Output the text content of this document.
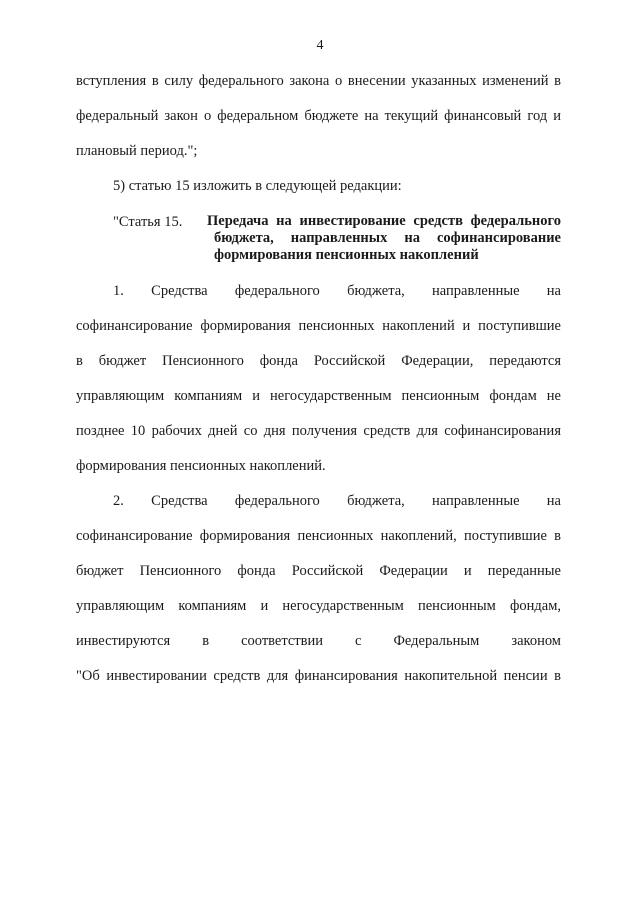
4
вступления в силу федерального закона о внесении указанных изменений в
федеральный закон о федеральном бюджете на текущий финансовый год и
плановый период.";
5) статью 15 изложить в следующей редакции:
"Статья 15. Передача на инвестирование средств федерального
бюджета, направленных на софинансирование
формирования пенсионных накоплений
1. Средства федерального бюджета, направленные на
софинансирование формирования пенсионных накоплений и поступившие
в бюджет Пенсионного фонда Российской Федерации, передаются
управляющим компаниям и негосударственным пенсионным фондам не
позднее 10 рабочих дней со дня получения средств для софинансирования
формирования пенсионных накоплений.
2. Средства федерального бюджета, направленные на
софинансирование формирования пенсионных накоплений, поступившие в
бюджет Пенсионного фонда Российской Федерации и переданные
управляющим компаниям и негосударственным пенсионным фондам,
инвестируются в соответствии с Федеральным законом
"Об инвестировании средств для финансирования накопительной пенсии в
